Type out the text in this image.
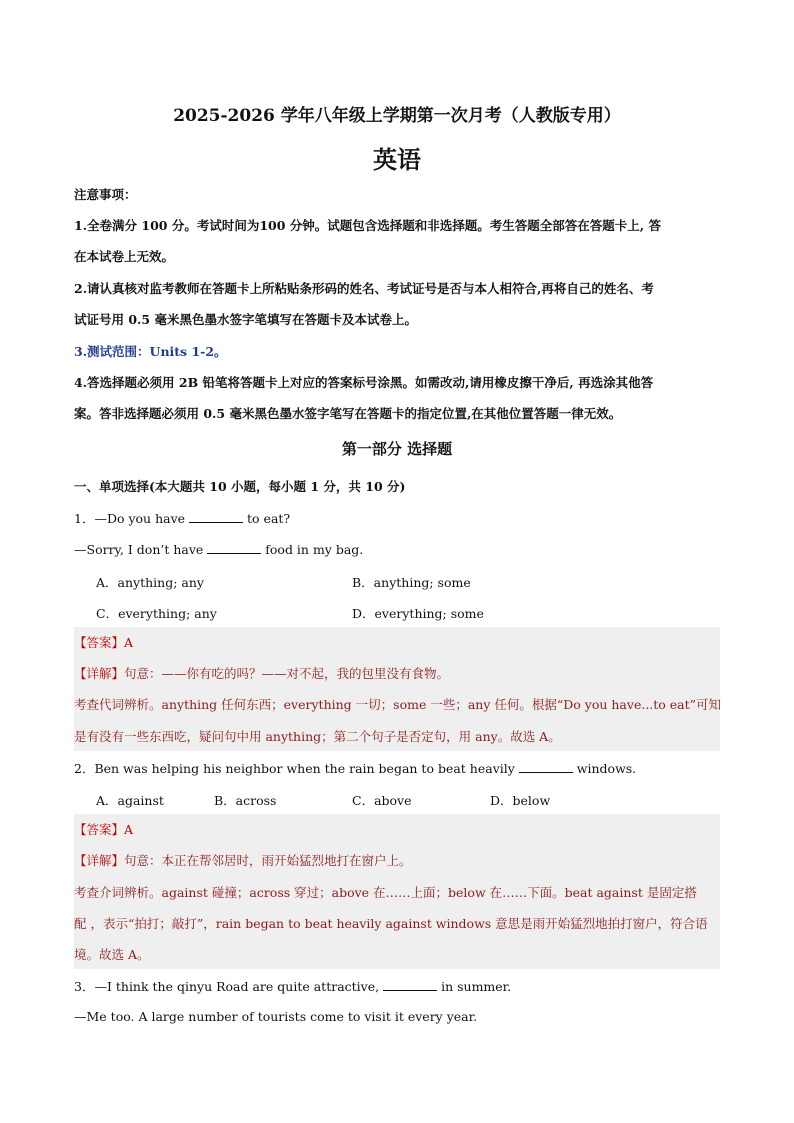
2025-2026 学年八年级上学期第一次月考（人教版专用）
英语
注意事项：
1.全卷满分 100 分。考试时间为100 分钟。试题包含选择题和非选择题。考生答题全部答在答题卡上, 答
在本试卷上无效。
2.请认真核对监考教师在答题卡上所粘贴条形码的姓名、考试证号是否与本人相符合,再将自己的姓名、考
试证号用 0.5 毫米黑色墨水签字笔填写在答题卡及本试卷上。
3.测试范围：Units 1-2。
4.答选择题必须用 2B 铅笔将答题卡上对应的答案标号涂黑。如需改动,请用橡皮擦干净后, 再选涂其他答
案。答非选择题必须用 0.5 毫米黑色墨水签字笔写在答题卡的指定位置,在其他位置答题一律无效。
第一部分 选择题
一、单项选择(本大题共 10 小题，每小题 1 分，共 10 分)
1．—Do you have	to eat?
—Sorry, I don’t have	food in my bag.
A．anything; any	B．anything; some
C．everything; any	D．everything; some
【答案】A
【详解】句意：——你有吃的吗？——对不起，我的包里没有食物。
考查代词辨析。anything 任何东西；everything 一切；some 一些；any 任何。根据“Do you have...to eat”可知
是有没有一些东西吃，疑问句中用 anything；第二个句子是否定句，用 any。故选 A。
2．Ben was helping his neighbor when the rain began to beat heavily	windows.
A．against	B．across	C．above	D．below
【答案】A
【详解】句意：本正在帮邻居时，雨开始猛烈地打在窗户上。
考查介词辨析。against 碰撞；across 穿过；above 在……上面；below 在……下面。beat against 是固定搭
配 ，表示“拍打；敲打”，rain began to beat heavily against windows 意思是雨开始猛烈地拍打窗户，符合语
境。故选 A。
3．—I think the qinyu Road are quite attractive,	in summer.
—Me too. A large number of tourists come to visit it every year.
